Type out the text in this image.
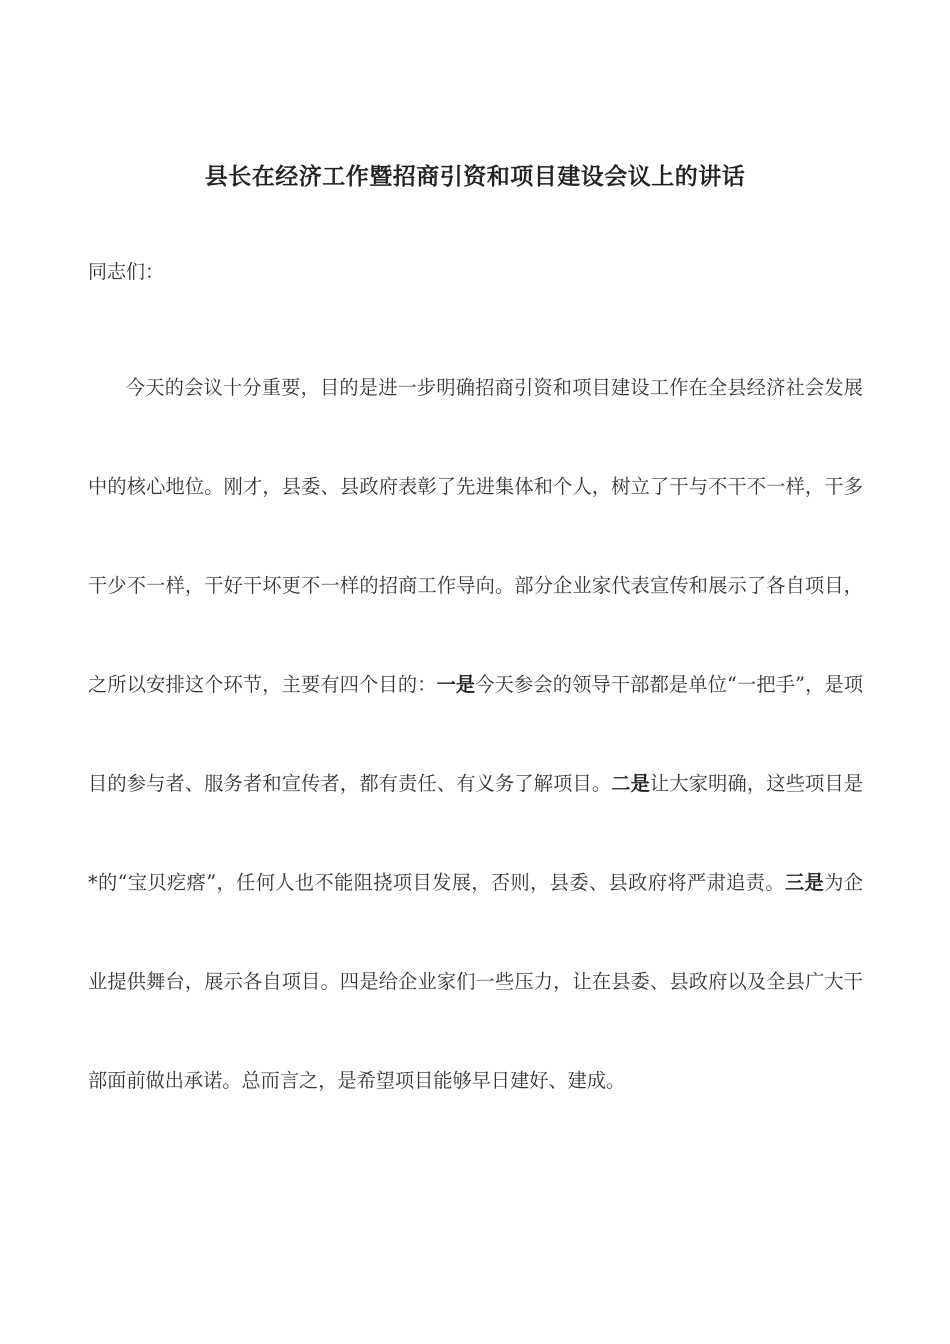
县长在经济工作暨招商引资和项目建设会议上的讲话
同志们：

今天的会议十分重要，目的是进一步明确招商引资和项目建设工作在全县经济社会发展中的核心地位。刚才，县委、县政府表彰了先进集体和个人，树立了干与不干不一样，干多干少不一样，干好干坏更不一样的招商工作导向。部分企业家代表宣传和展示了各自项目，之所以安排这个环节，主要有四个目的：一是今天参会的领导干部都是单位“一把手”，是项目的参与者、服务者和宣传者，都有责任、有义务了解项目。二是让大家明确，这些项目是*的“宝贝疙瘩”，任何人也不能阻挠项目发展，否则，县委、县政府将严肃追责。三是为企业提供舞台，展示各自项目。四是给企业家们一些压力，让在县委、县政府以及全县广大干部面前做出承诺。总而言之，是希望项目能够早日建好、建成。
